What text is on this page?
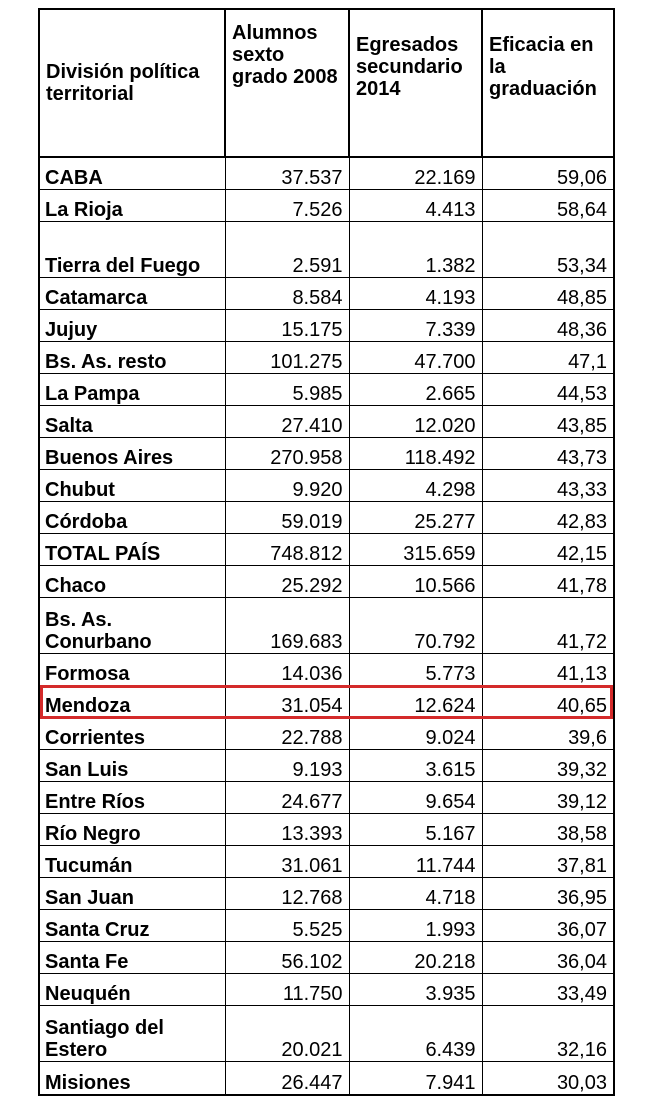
División política territorial	Alumnos sexto grado 2008	Egresados secundario 2014	Eficacia en la graduación
CABA	37.537	22.169	59,06
La Rioja	7.526	4.413	58,64
Tierra del Fuego	2.591	1.382	53,34
Catamarca	8.584	4.193	48,85
Jujuy	15.175	7.339	48,36
Bs. As. resto	101.275	47.700	47,1
La Pampa	5.985	2.665	44,53
Salta	27.410	12.020	43,85
Buenos Aires	270.958	118.492	43,73
Chubut	9.920	4.298	43,33
Córdoba	59.019	25.277	42,83
TOTAL PAÍS	748.812	315.659	42,15
Chaco	25.292	10.566	41,78
Bs. As. Conurbano	169.683	70.792	41,72
Formosa	14.036	5.773	41,13
Mendoza	31.054	12.624	40,65
Corrientes	22.788	9.024	39,6
San Luis	9.193	3.615	39,32
Entre Ríos	24.677	9.654	39,12
Río Negro	13.393	5.167	38,58
Tucumán	31.061	11.744	37,81
San Juan	12.768	4.718	36,95
Santa Cruz	5.525	1.993	36,07
Santa Fe	56.102	20.218	36,04
Neuquén	11.750	3.935	33,49
Santiago del Estero	20.021	6.439	32,16
Misiones	26.447	7.941	30,03
